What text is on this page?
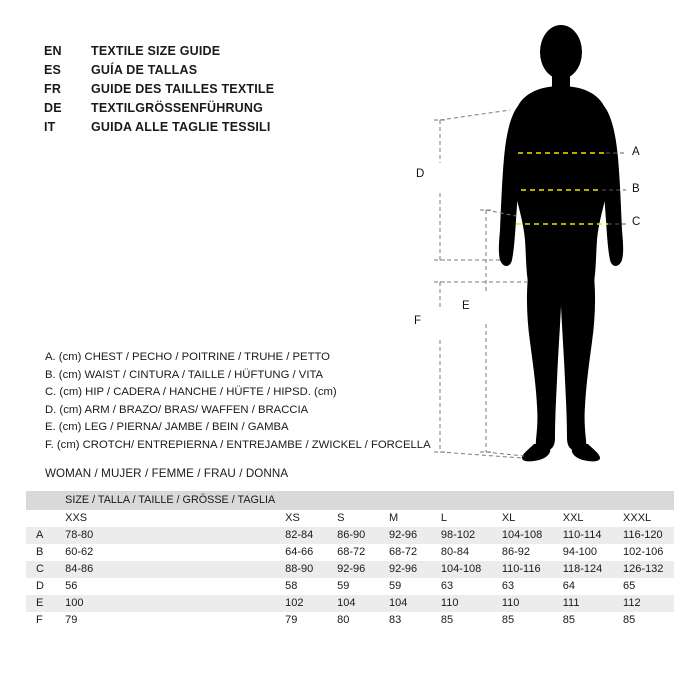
EN	TEXTILE SIZE GUIDE
ES	GUÍA DE TALLAS
FR	GUIDE DES TAILLES TEXTILE
DE	TEXTILGRÖSSENFÜHRUNG
IT	GUIDA ALLE TAGLIE TESSILI
A. (cm) CHEST / PECHO / POITRINE / TRUHE / PETTO
B. (cm) WAIST / CINTURA / TAILLE / HÜFTUNG / VITA
C. (cm) HIP / CADERA / HANCHE / HÜFTE / HIPSD. (cm)
D. (cm) ARM / BRAZO/ BRAS/ WAFFEN / BRACCIA
E. (cm) LEG / PIERNA/ JAMBE / BEIN / GAMBA
F. (cm) CROTCH/ ENTREPIERNA / ENTREJAMBE / ZWICKEL / FORCELLA
WOMAN / MUJER / FEMME / FRAU / DONNA
	SIZE / TALLA / TAILLE / GRÖSSE / TAGLIA							
	XXS	XS	S	M	L	XL	XXL	XXXL
A	78-80	82-84	86-90	92-96	98-102	104-108	110-114	116-120
B	60-62	64-66	68-72	68-72	80-84	86-92	94-100	102-106
C	84-86	88-90	92-96	92-96	104-108	110-116	118-124	126-132
D	56	58	59	59	63	63	64	65
E	100	102	104	104	110	110	111	112
F	79	79	80	83	85	85	85	85
A
B
C
D
E
F
